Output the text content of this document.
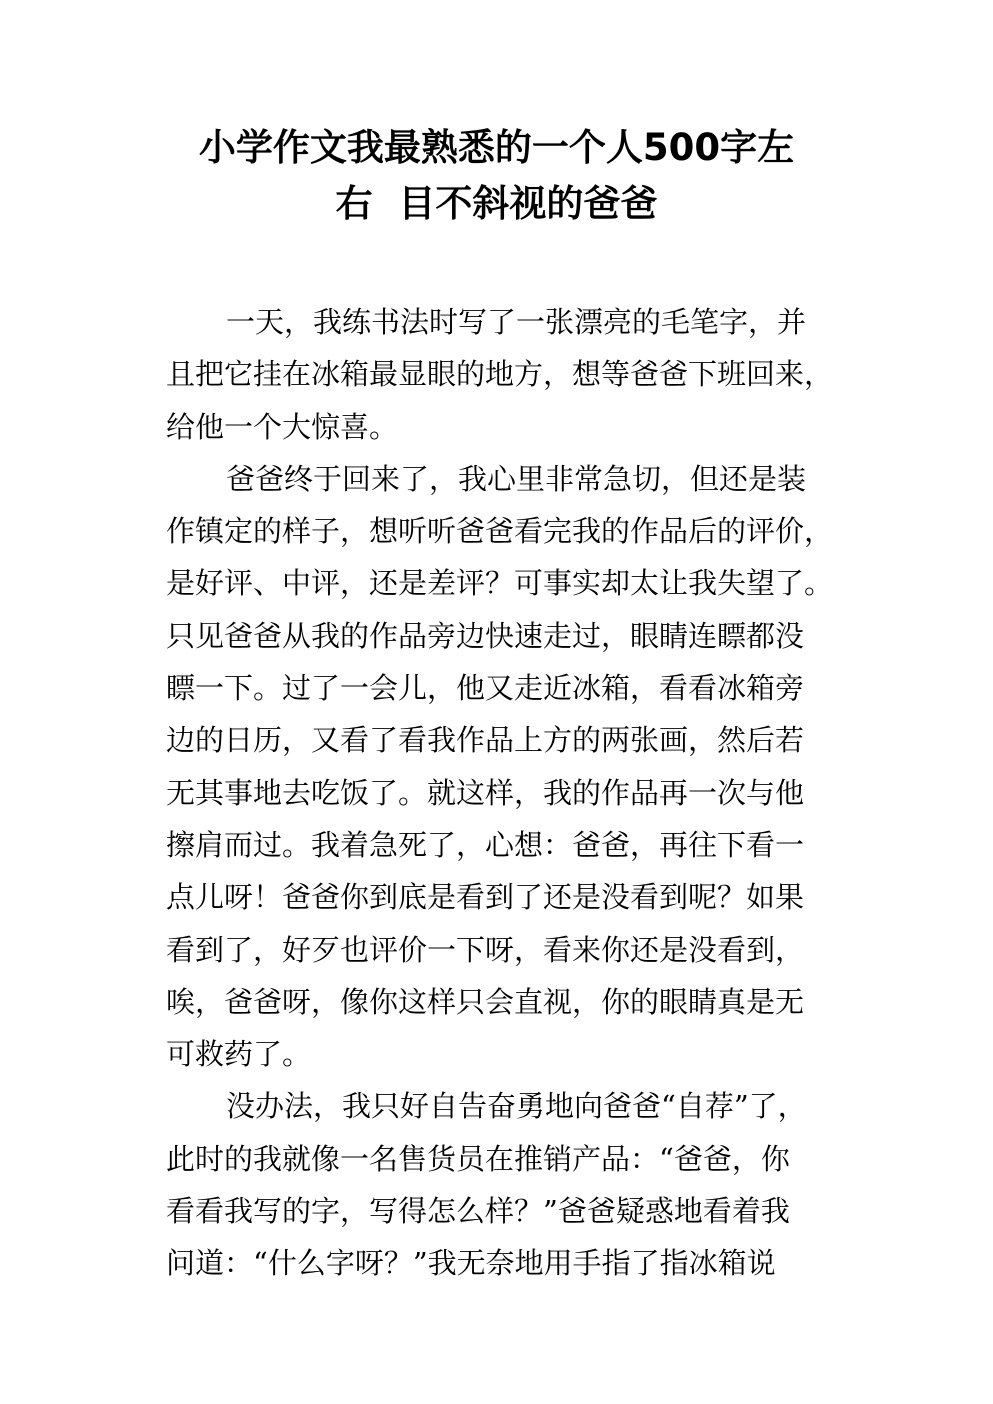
小学作文我最熟悉的一个人500字左
右  目不斜视的爸爸
一天，我练书法时写了一张漂亮的毛笔字，并
且把它挂在冰箱最显眼的地方，想等爸爸下班回来，
给他一个大惊喜。
爸爸终于回来了，我心里非常急切，但还是装
作镇定的样子，想听听爸爸看完我的作品后的评价，
是好评、中评，还是差评？可事实却太让我失望了。
只见爸爸从我的作品旁边快速走过，眼睛连瞟都没
瞟一下。过了一会儿，他又走近冰箱，看看冰箱旁
边的日历，又看了看我作品上方的两张画，然后若
无其事地去吃饭了。就这样，我的作品再一次与他
擦肩而过。我着急死了，心想：爸爸，再往下看一
点儿呀！爸爸你到底是看到了还是没看到呢？如果
看到了，好歹也评价一下呀，看来你还是没看到，
唉，爸爸呀，像你这样只会直视，你的眼睛真是无
可救药了。
没办法，我只好自告奋勇地向爸爸“自荐”了，
此时的我就像一名售货员在推销产品：“爸爸，你
看看我写的字，写得怎么样？”爸爸疑惑地看着我
问道：“什么字呀？”我无奈地用手指了指冰箱说
